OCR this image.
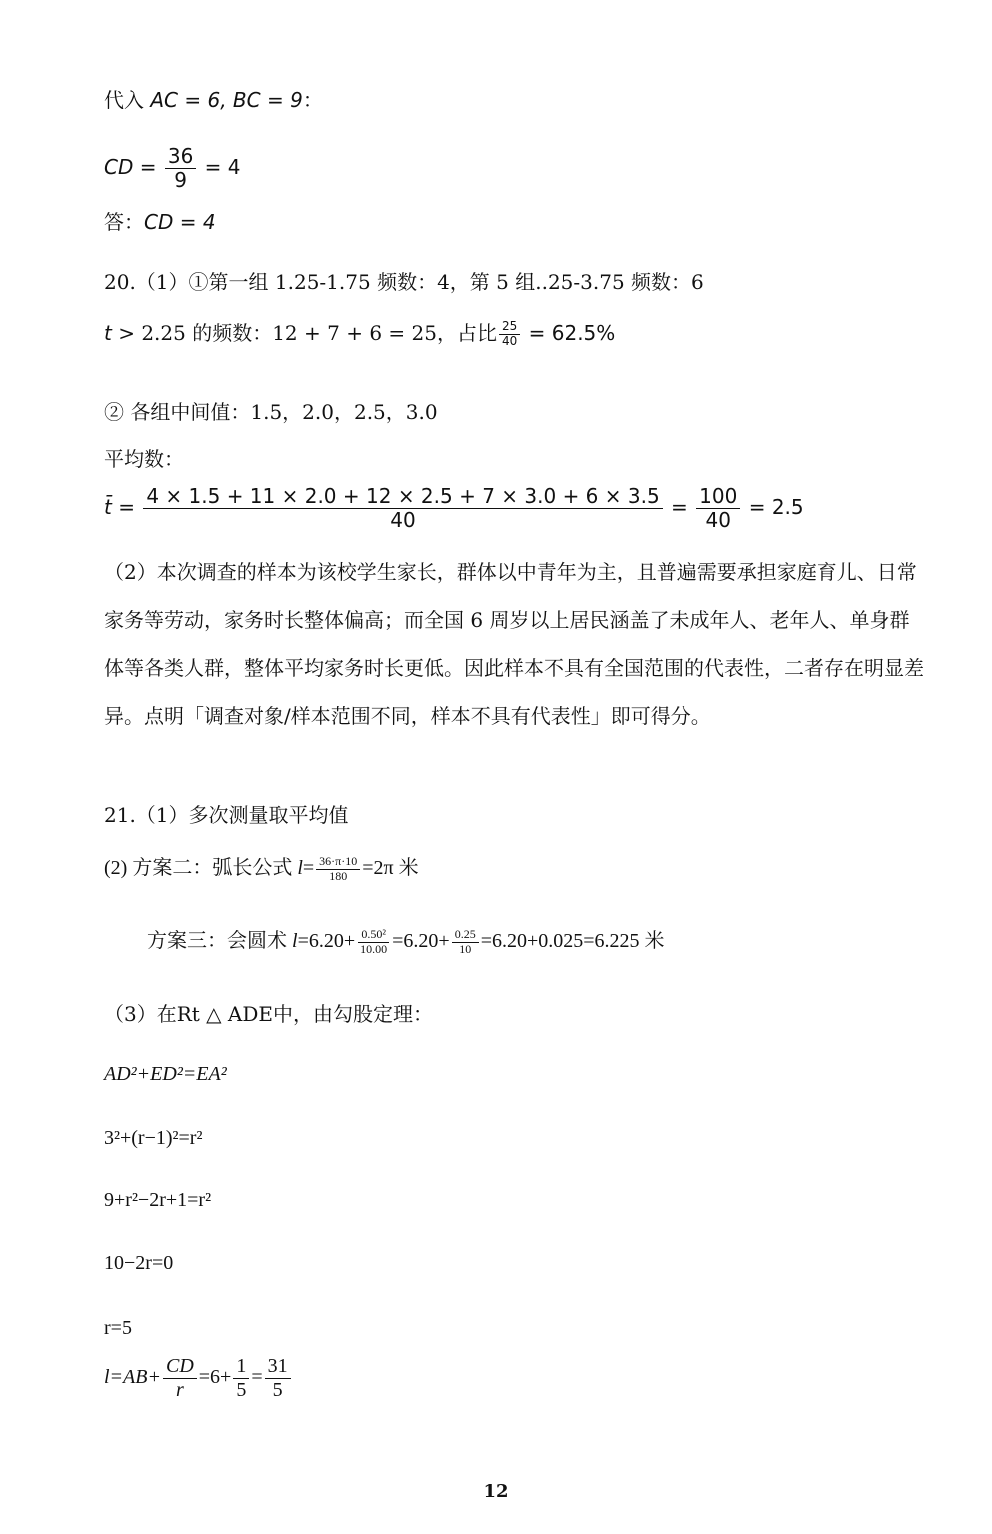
代入 AC = 6, BC = 9：
CD = $\frac{36}{9} = 4$
答：CD = 4
20.（1）①第一组 1.25-1.75 频数：4，第 5 组..25-3.75 频数：6
t > 2.25 的频数：12 + 7 + 6 = 25，占比 $\frac{25}{40} = 62.5\%$
② 各组中间值：1.5，2.0，2.5，3.0
平均数：
t̄ = $\frac{4 \times 1.5 + 11 \times 2.0 + 12 \times 2.5 + 7 \times 3.0 + 6 \times 3.5}{40} = \frac{100}{40} = 2.5$
（2）本次调查的样本为该校学生家长，群体以中青年为主，且普遍需要承担家庭育儿、日常家务等劳动，家务时长整体偏高；而全国 6 周岁以上居民涵盖了未成年人、老年人、单身群体等各类人群，整体平均家务时长更低。因此样本不具有全国范围的代表性，二者存在明显差异。点明「调查对象/样本范围不同，样本不具有代表性」即可得分。
21.（1）多次测量取平均值
(2) 方案二：弧长公式 $l= \frac{36\cdot\pi\cdot 10}{180} =2\pi$ 米
方案三：会圆术 $l=6.20+ \frac{\text{0.50²}}{10.00} =6.20+ \frac{0.25}{10} =6.20+0.025=6.225$ 米
（3）在Rt △ ADE中，由勾股定理：
AD²+ED²=EA²
3²+(r−1)²=r²
9+r²−2r+1=r²
10−2r=0
r=5
$l=AB+ \frac{CD}{r} =6+ \frac{1}{5} = \frac{31}{5}$
12
